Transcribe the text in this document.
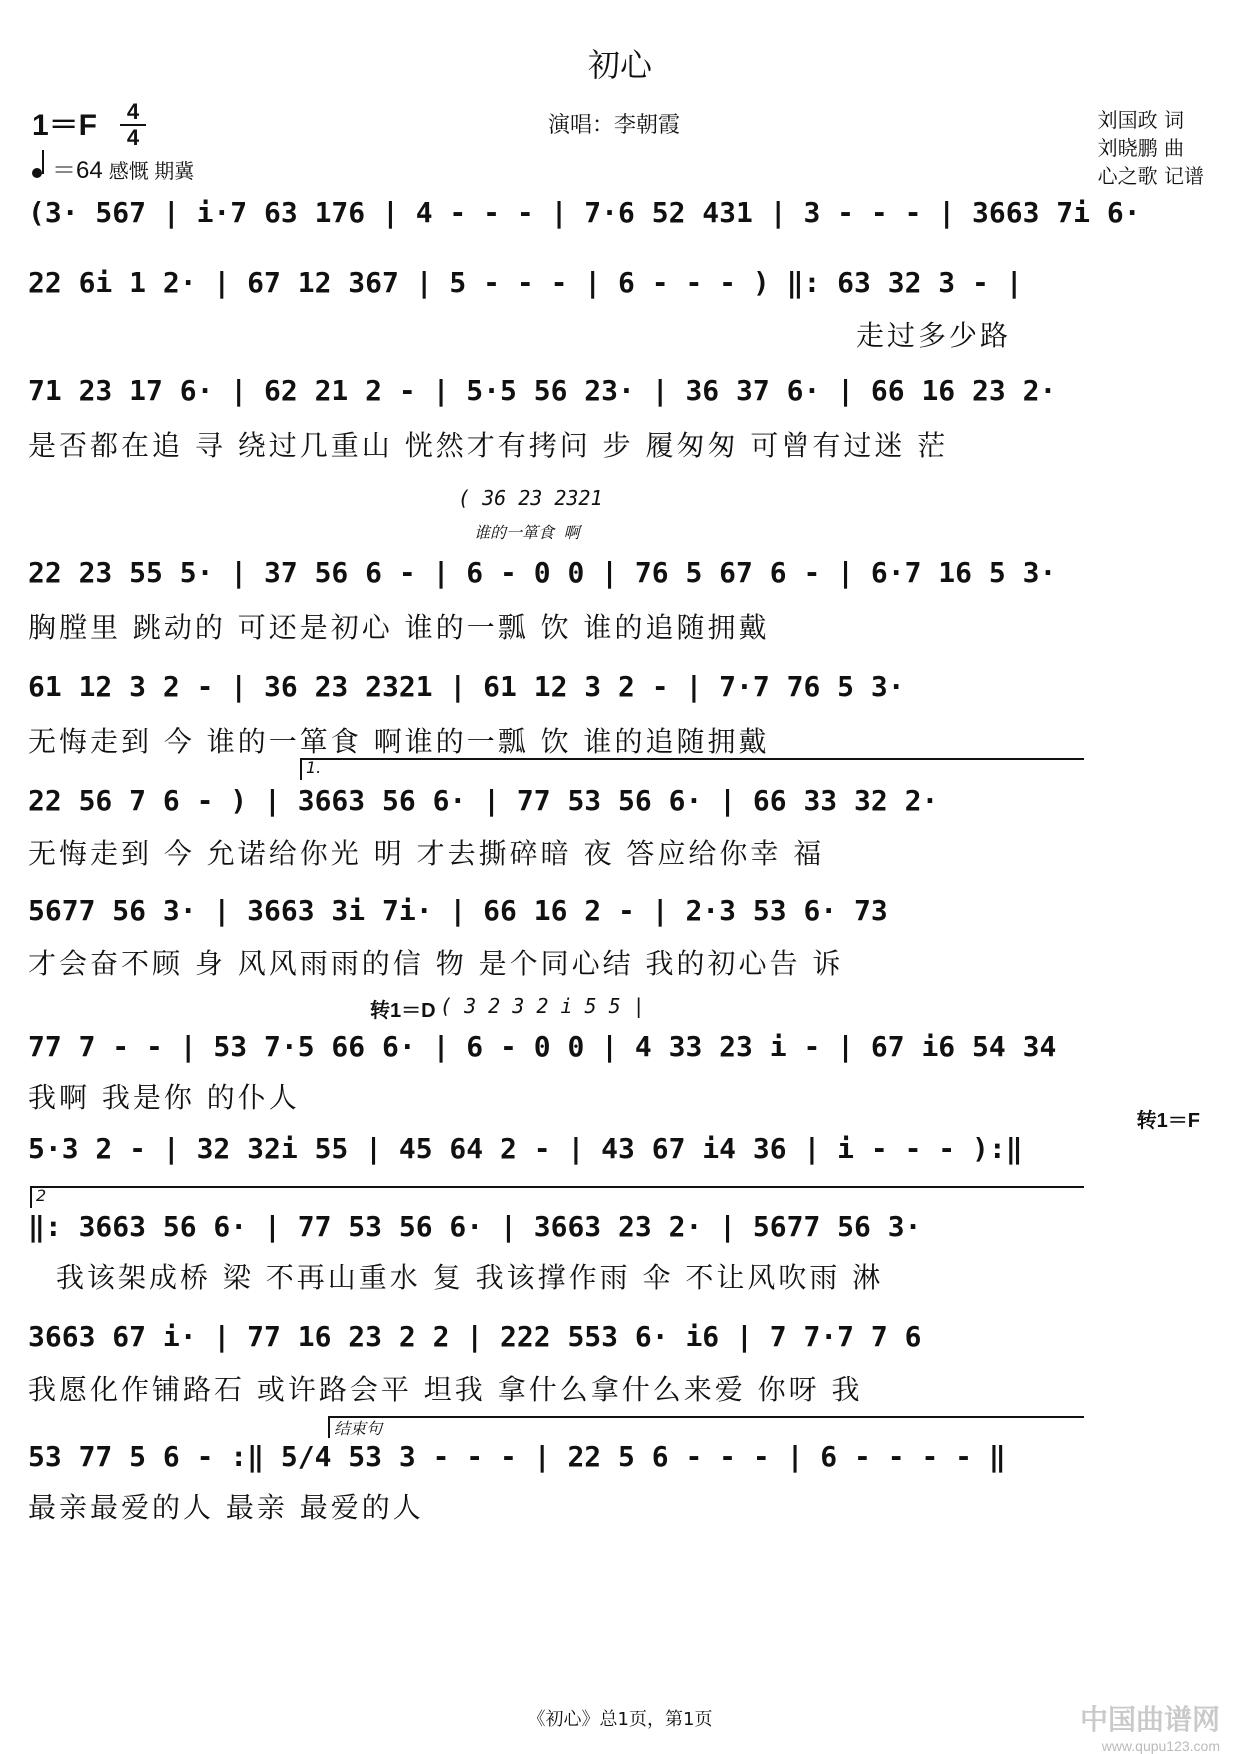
初心
1＝F	4
4
＝64 感慨 期冀
演唱：李朝霞	刘国政 词
刘晓鹏 曲
心之歌 记谱
(3· 567 | i·7 63 176 | 4 - - - | 7·6 52 431 | 3 - - - | 3663 7i 6·
22 6i 1 2· | 67 12 367 | 5 - - - | 6 - - - ) ‖: 63 32 3 - |
走过多少路
71 23 17 6· | 62 21 2 - | 5·5 56 23· | 36 37 6· | 66 16 23 2·
是否都在追 寻 绕过几重山 恍然才有拷问 步 履匆匆 可曾有过迷 茫
( 36 23 2321
谁的一箪食 啊
22 23 55 5· | 37 56 6 - | 6 - 0 0 | 76 5 67 6 - | 6·7 16 5 3·
胸膛里 跳动的 可还是初心 谁的一瓢 饮 谁的追随拥戴
61 12 3 2 - | 36 23 2321 | 61 12 3 2 - | 7·7 76 5 3·
无悔走到 今 谁的一箪食 啊谁的一瓢 饮 谁的追随拥戴
1.
22 56 7 6 - ) | 3663 56 6· | 77 53 56 6· | 66 33 32 2·
无悔走到 今 允诺给你光 明 才去撕碎暗 夜 答应给你幸 福
5677 56 3· | 3663 3i 7i· | 66 16 2 - | 2·3 53 6· 73
才会奋不顾 身 风风雨雨的信 物 是个同心结 我的初心告 诉
转1＝D ( 3 2 3 2 i 5 5 |
77 7 - - | 53 7·5 66 6· | 6 - 0 0 | 4 33 23 i - | 67 i6 54 34
我啊 我是你 的仆人
转1＝F
5·3 2 - | 32 32i 55 | 45 64 2 - | 43 67 i4 36 | i - - - ):‖
2
‖: 3663 56 6· | 77 53 56 6· | 3663 23 2· | 5677 56 3·
我该架成桥 梁 不再山重水 复 我该撑作雨 伞 不让风吹雨 淋
3663 67 i· | 77 16 23 2 2 | 222 553 6· i6 | 7 7·7 7 6
我愿化作铺路石 或许路会平 坦我 拿什么拿什么来爱 你呀 我
结束句
53 77 5 6 - :‖ 5/4 53 3 - - - | 22 5 6 - - - | 6 - - - - ‖
最亲最爱的人 最亲 最爱的人
《初心》总1页，第1页	中国曲谱网
www.qupu123.com
